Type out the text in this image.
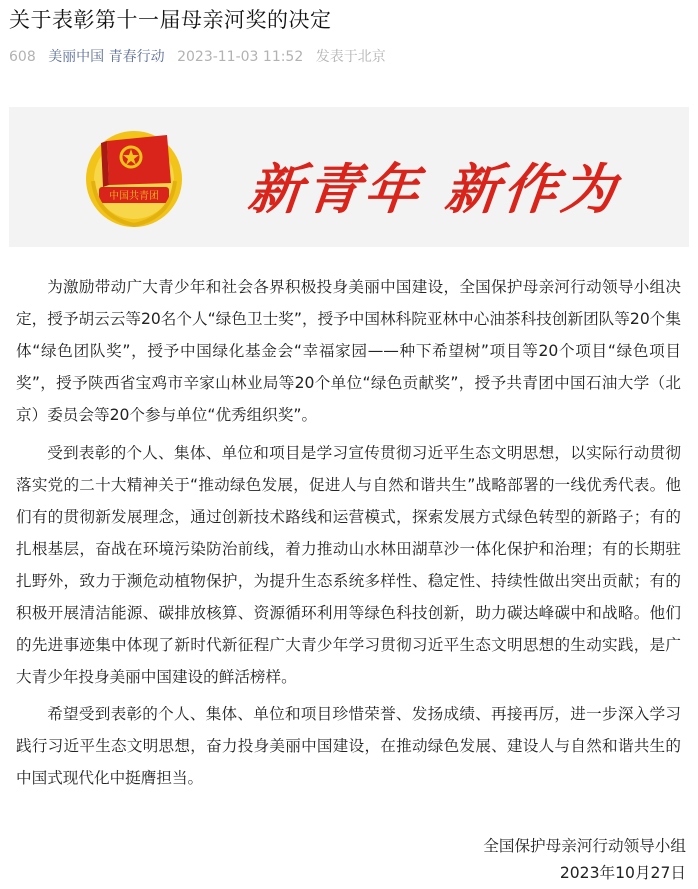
关于表彰第十一届母亲河奖的决定
608 美丽中国 青春行动 2023-11-03 11:52 发表于北京
中国共青团 新青年 新作为

为激励带动广大青少年和社会各界积极投身美丽中国建设，全国保护母亲河行动领导小组决定，授予胡云云等20名个人“绿色卫士奖”，授予中国林科院亚林中心油茶科技创新团队等20个集体“绿色团队奖”，授予中国绿化基金会“幸福家园——种下希望树”项目等20个项目“绿色项目奖”，授予陕西省宝鸡市辛家山林业局等20个单位“绿色贡献奖”，授予共青团中国石油大学（北京）委员会等20个参与单位“优秀组织奖”。

受到表彰的个人、集体、单位和项目是学习宣传贯彻习近平生态文明思想，以实际行动贯彻落实党的二十大精神关于“推动绿色发展，促进人与自然和谐共生”战略部署的一线优秀代表。他们有的贯彻新发展理念，通过创新技术路线和运营模式，探索发展方式绿色转型的新路子；有的扎根基层，奋战在环境污染防治前线，着力推动山水林田湖草沙一体化保护和治理；有的长期驻扎野外，致力于濒危动植物保护，为提升生态系统多样性、稳定性、持续性做出突出贡献；有的积极开展清洁能源、碳排放核算、资源循环利用等绿色科技创新，助力碳达峰碳中和战略。他们的先进事迹集中体现了新时代新征程广大青少年学习贯彻习近平生态文明思想的生动实践，是广大青少年投身美丽中国建设的鲜活榜样。

希望受到表彰的个人、集体、单位和项目珍惜荣誉、发扬成绩、再接再厉，进一步深入学习践行习近平生态文明思想，奋力投身美丽中国建设，在推动绿色发展、建设人与自然和谐共生的中国式现代化中挺膺担当。

全国保护母亲河行动领导小组
2023年10月27日
